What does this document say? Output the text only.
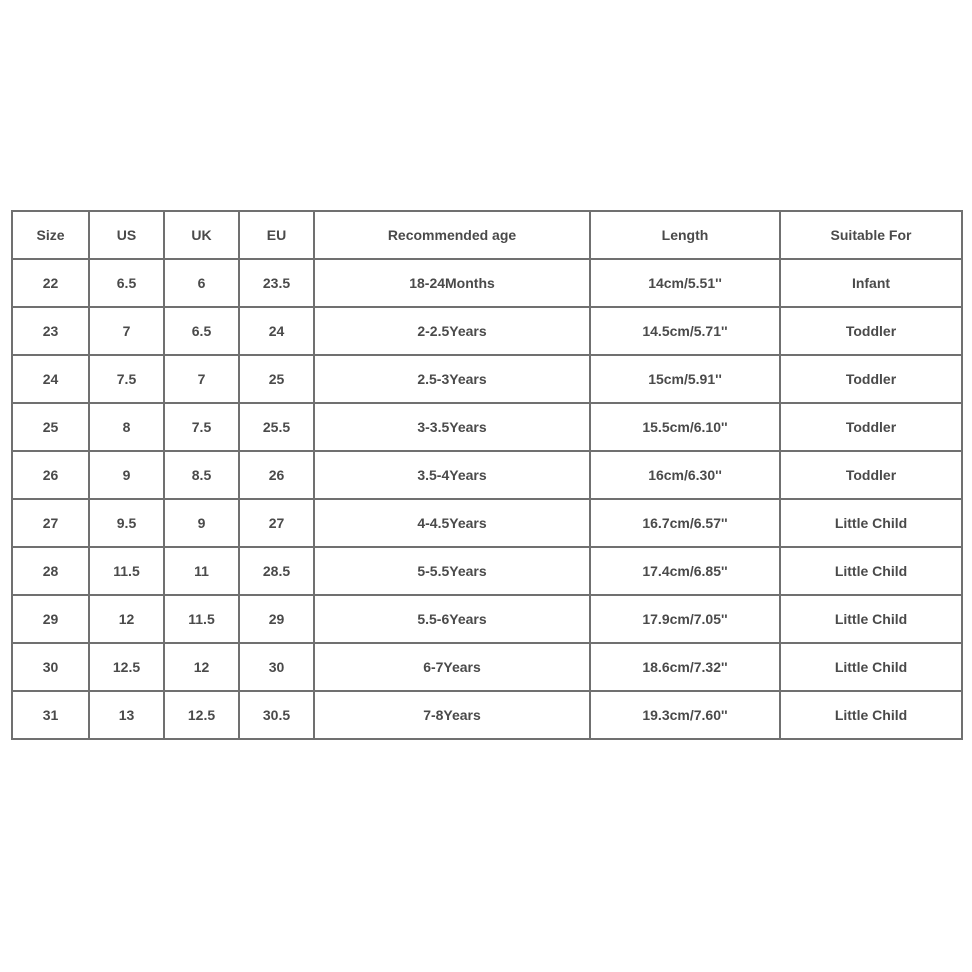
Size	US	UK	EU	Recommended age	Length	Suitable For
22	6.5	6	23.5	18-24Months	14cm/5.51''	Infant
23	7	6.5	24	2-2.5Years	14.5cm/5.71''	Toddler
24	7.5	7	25	2.5-3Years	15cm/5.91''	Toddler
25	8	7.5	25.5	3-3.5Years	15.5cm/6.10''	Toddler
26	9	8.5	26	3.5-4Years	16cm/6.30''	Toddler
27	9.5	9	27	4-4.5Years	16.7cm/6.57''	Little Child
28	11.5	11	28.5	5-5.5Years	17.4cm/6.85''	Little Child
29	12	11.5	29	5.5-6Years	17.9cm/7.05''	Little Child
30	12.5	12	30	6-7Years	18.6cm/7.32''	Little Child
31	13	12.5	30.5	7-8Years	19.3cm/7.60''	Little Child
